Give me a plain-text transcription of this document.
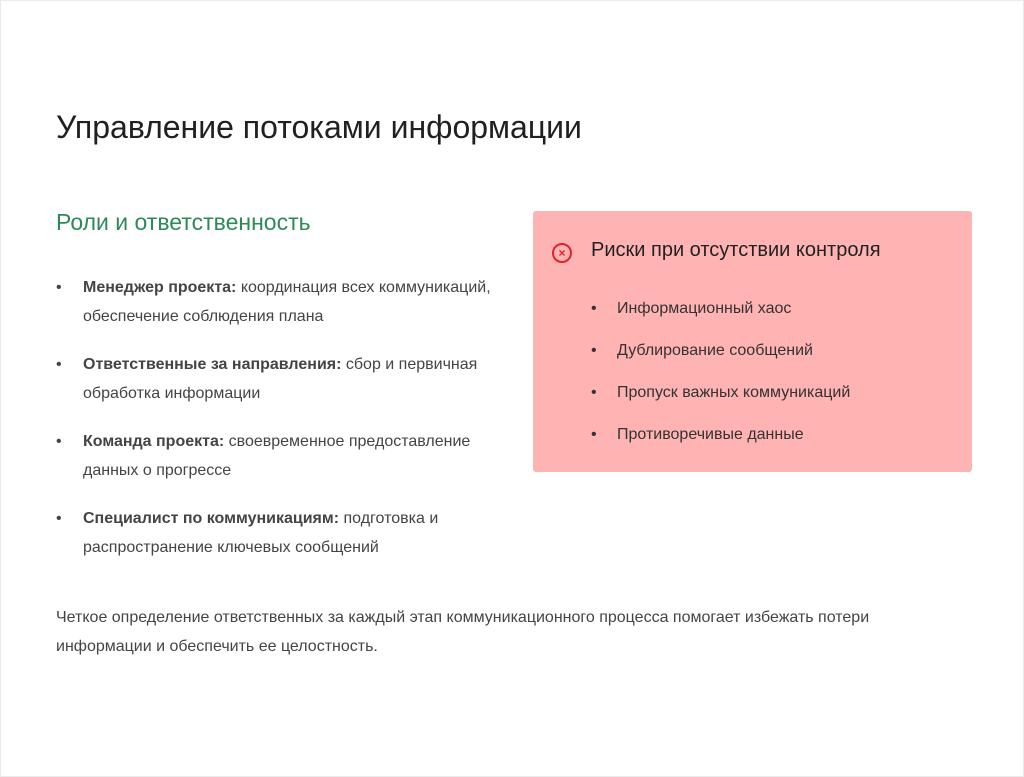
Управление потоками информации
Роли и ответственность
• Менеджер проекта: координация всех коммуникаций, обеспечение соблюдения плана
• Ответственные за направления: сбор и первичная обработка информации
• Команда проекта: своевременное предоставление данных о прогрессе
• Специалист по коммуникациям: подготовка и распространение ключевых сообщений
×	Риски при отсутствии контроля
• Информационный хаос
• Дублирование сообщений
• Пропуск важных коммуникаций
• Противоречивые данные

Четкое определение ответственных за каждый этап коммуникационного процесса помогает избежать потери информации и обеспечить ее целостность.
